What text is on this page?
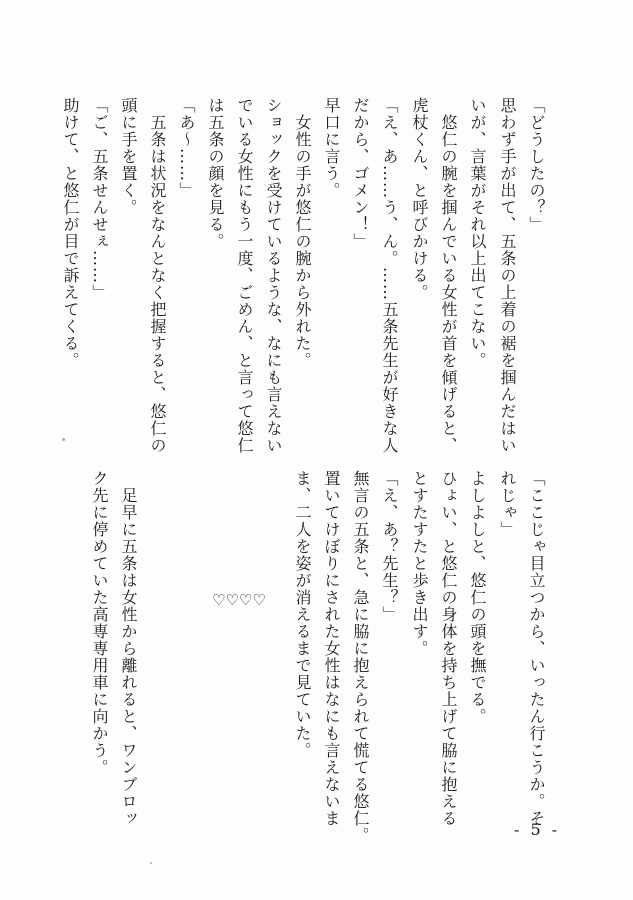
「どうしたの？」
思わず手が出て、五条の上着の裾を掴んだはい
いが、言葉がそれ以上出てこない。
　悠仁の腕を掴んでいる女性が首を傾げると、
虎杖くん、と呼びかける。
「え、あ……う、ん。……五条先生が好きな人
だから、ゴメン！」
早口に言う。
　女性の手が悠仁の腕から外れた。
ショックを受けているような、なにも言えない
でいる女性にもう一度、ごめん、と言って悠仁
は五条の顔を見る。
「あ～……」
　五条は状況をなんとなく把握すると、悠仁の
頭に手を置く。
「ご、五条せんせぇ……」
助けて、と悠仁が目で訴えてくる。
「ここじゃ目立つから、いったん行こうか。そ
れじゃ」
よしよしと、悠仁の頭を撫でる。
ひょい、と悠仁の身体を持ち上げて脇に抱える
とすたすたと歩き出す。
「え、あ？先生？」
無言の五条と、急に脇に抱えられて慌てる悠仁。
置いてけぼりにされた女性はなにも言えないま
ま、二人を姿が消えるまで見ていた。
　足早に五条は女性から離れると、ワンブロッ
ク先に停めていた高専専用車に向かう。	♡♡♡♡
- 5 -
